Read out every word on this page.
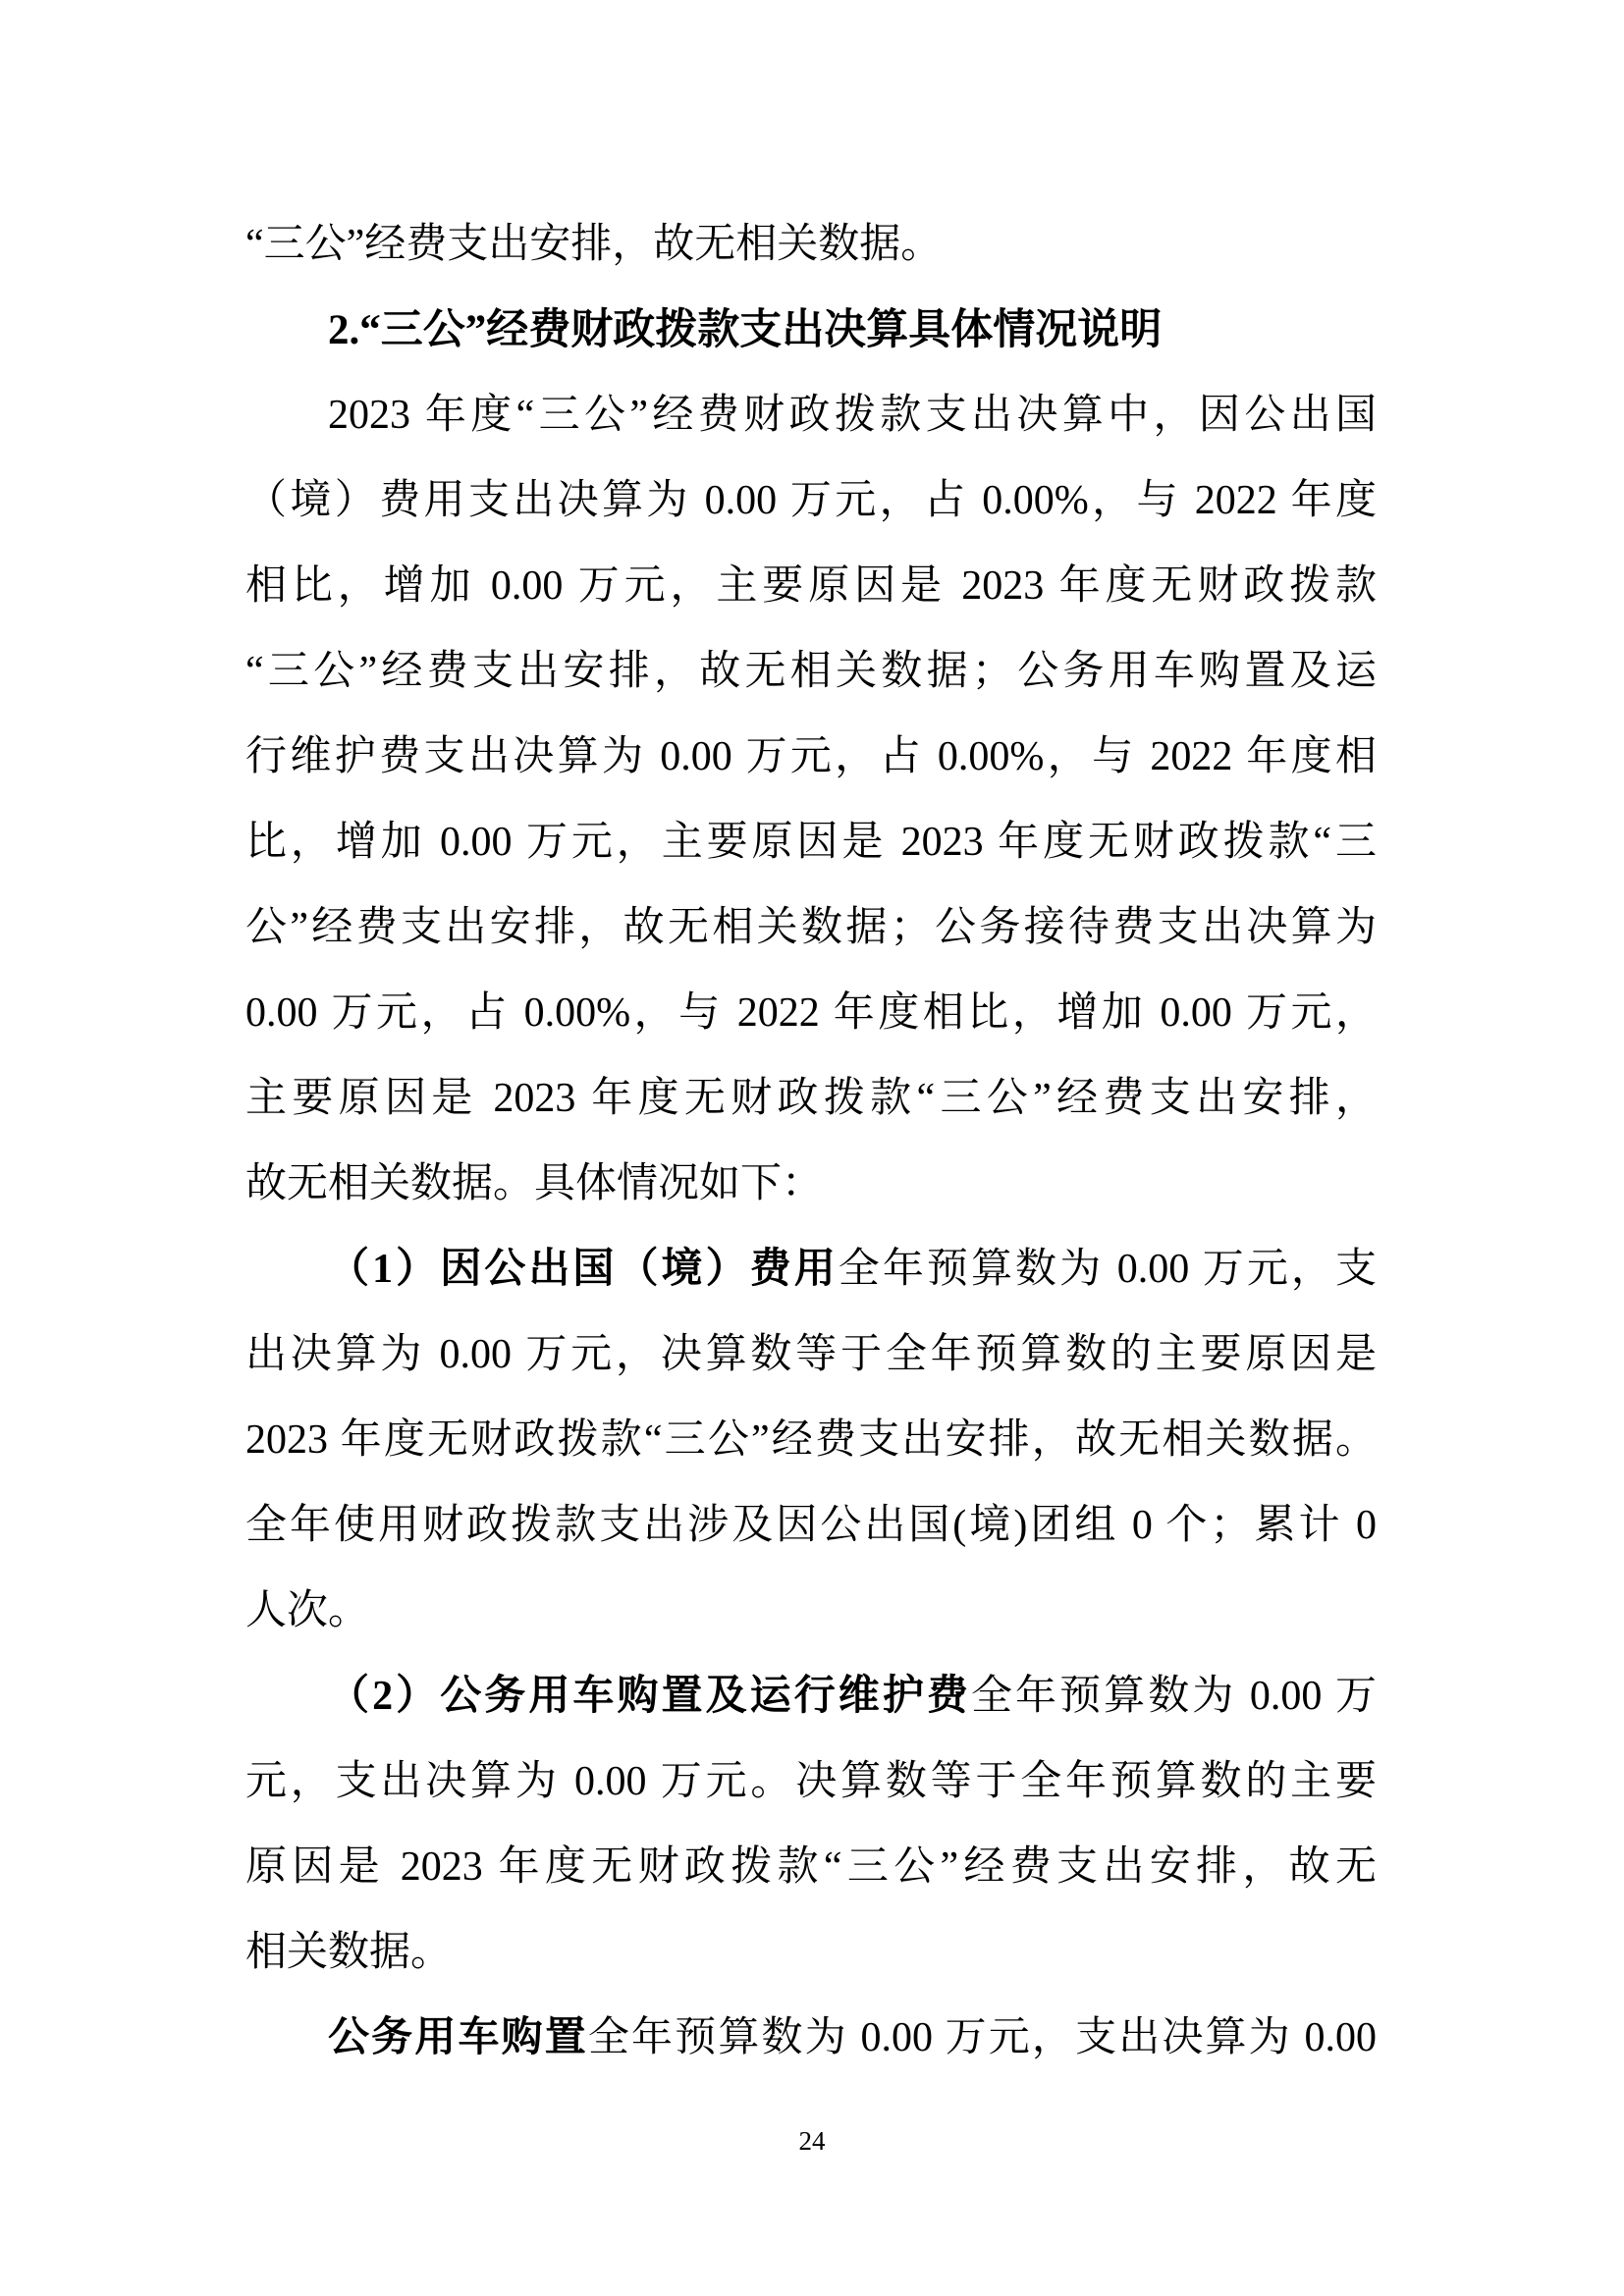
“三公”经费支出安排，故无相关数据。
2.“三公”经费财政拨款支出决算具体情况说明
2023 年度“三公”经费财政拨款支出决算中，因公出国
（境）费用支出决算为 0.00 万元，占 0.00%，与 2022 年度
相比，增加 0.00 万元，主要原因是 2023 年度无财政拨款
“三公”经费支出安排，故无相关数据；公务用车购置及运
行维护费支出决算为 0.00 万元，占 0.00%，与 2022 年度相
比，增加 0.00 万元，主要原因是 2023 年度无财政拨款“三
公”经费支出安排，故无相关数据；公务接待费支出决算为
0.00 万元，占 0.00%，与 2022 年度相比，增加 0.00 万元，
主要原因是 2023 年度无财政拨款“三公”经费支出安排，
故无相关数据。具体情况如下：
（1）因公出国（境）费用全年预算数为 0.00 万元，支
出决算为 0.00 万元，决算数等于全年预算数的主要原因是
2023 年度无财政拨款“三公”经费支出安排，故无相关数据。
全年使用财政拨款支出涉及因公出国(境)团组 0 个；累计 0
人次。
（2）公务用车购置及运行维护费全年预算数为 0.00 万
元，支出决算为 0.00 万元。决算数等于全年预算数的主要
原因是 2023 年度无财政拨款“三公”经费支出安排，故无
相关数据。
公务用车购置全年预算数为 0.00 万元，支出决算为 0.00
24
